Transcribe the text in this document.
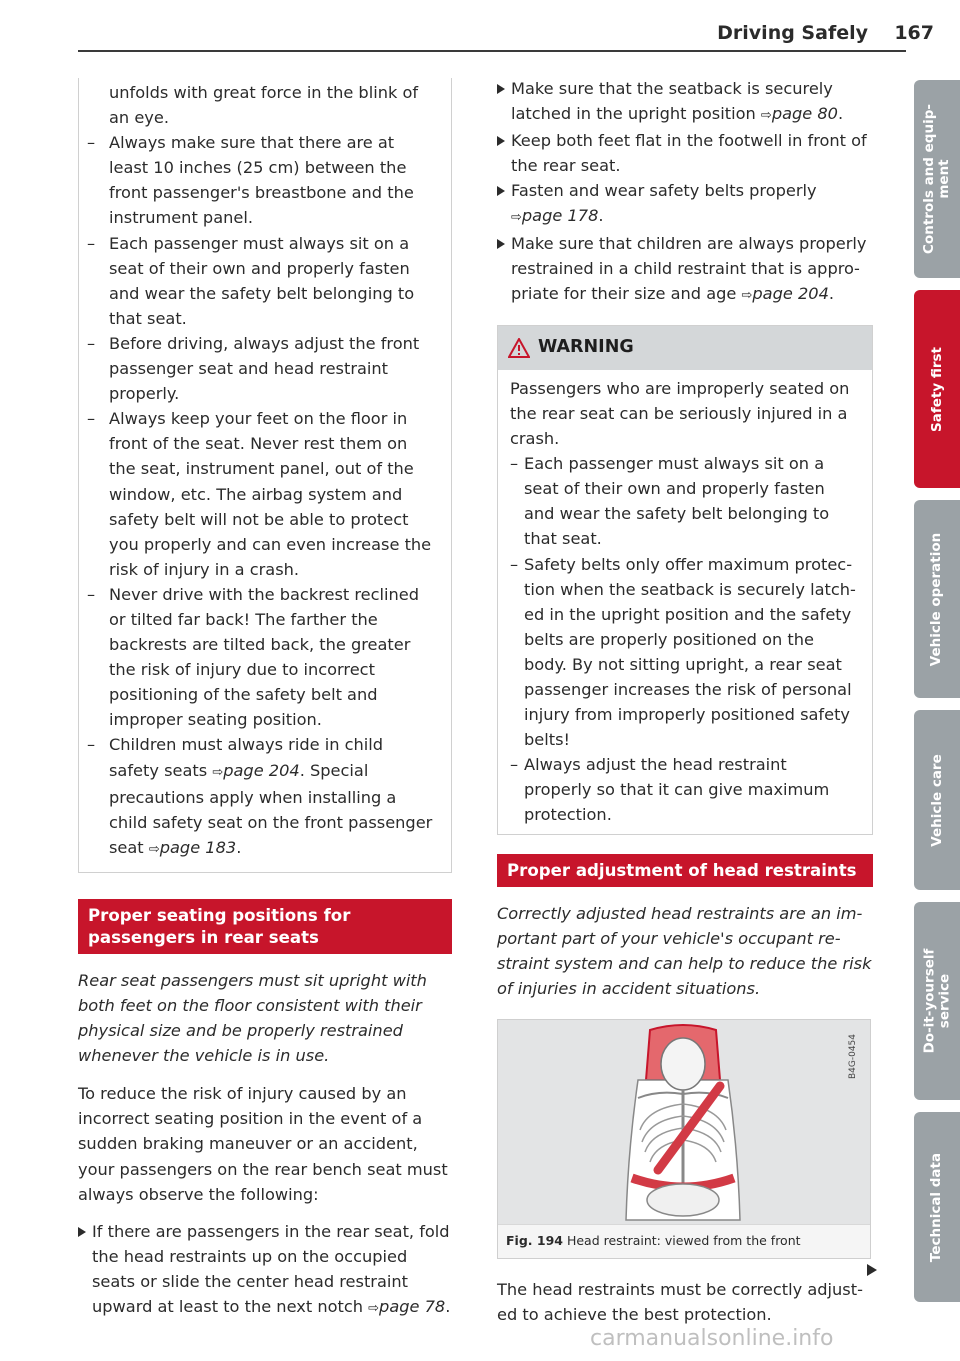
Driving Safely 167
Controls and equip-
ment
Safety first
Vehicle operation
Vehicle care
Do-it-yourself
service
Technical data
unfolds with great force in the blink of an eye.
– Always make sure that there are at least 10 inches (25 cm) between the front passenger's breastbone and the instrument panel.
– Each passenger must always sit on a seat of their own and properly fasten and wear the safety belt belonging to that seat.
– Before driving, always adjust the front passenger seat and head restraint properly.
– Always keep your feet on the floor in front of the seat. Never rest them on the seat, instrument panel, out of the window, etc. The airbag system and safety belt will not be able to protect you properly and can even increase the risk of injury in a crash.
– Never drive with the backrest reclined or tilted far back! The farther the backrests are tilted back, the greater the risk of injury due to incorrect positioning of the safety belt and improper seating position.
– Children must always ride in child safety seats ⇨page 204. Special precautions apply when installing a child safety seat on the front passenger seat ⇨page 183.
Proper seating positions for passengers in rear seats
Rear seat passengers must sit upright with both feet on the floor consistent with their physical size and be properly restrained whenever the vehicle is in use.
To reduce the risk of injury caused by an incorrect seating position in the event of a sudden braking maneuver or an accident, your passengers on the rear bench seat must always observe the following:
If there are passengers in the rear seat, fold the head restraints up on the occupied seats or slide the center head restraint upward at least to the next notch ⇨page 78.
Make sure that the seatback is securely latched in the upright position ⇨page 80.
Keep both feet flat in the footwell in front of the rear seat.
Fasten and wear safety belts properly ⇨page 178.
Make sure that children are always properly restrained in a child restraint that is appropriate for their size and age ⇨page 204.
WARNING
Passengers who are improperly seated on the rear seat can be seriously injured in a crash.
– Each passenger must always sit on a seat of their own and properly fasten and wear the safety belt belonging to that seat.
– Safety belts only offer maximum protection when the seatback is securely latched in the upright position and the safety belts are properly positioned on the body. By not sitting upright, a rear seat passenger increases the risk of personal injury from improperly positioned safety belts!
– Always adjust the head restraint properly so that it can give maximum protection.
Proper adjustment of head restraints
Correctly adjusted head restraints are an important part of your vehicle's occupant restraint system and can help to reduce the risk of injuries in accident situations.
B4G-0454
Fig. 194 Head restraint: viewed from the front
The head restraints must be correctly adjusted to achieve the best protection.
carmanualsonline.info
